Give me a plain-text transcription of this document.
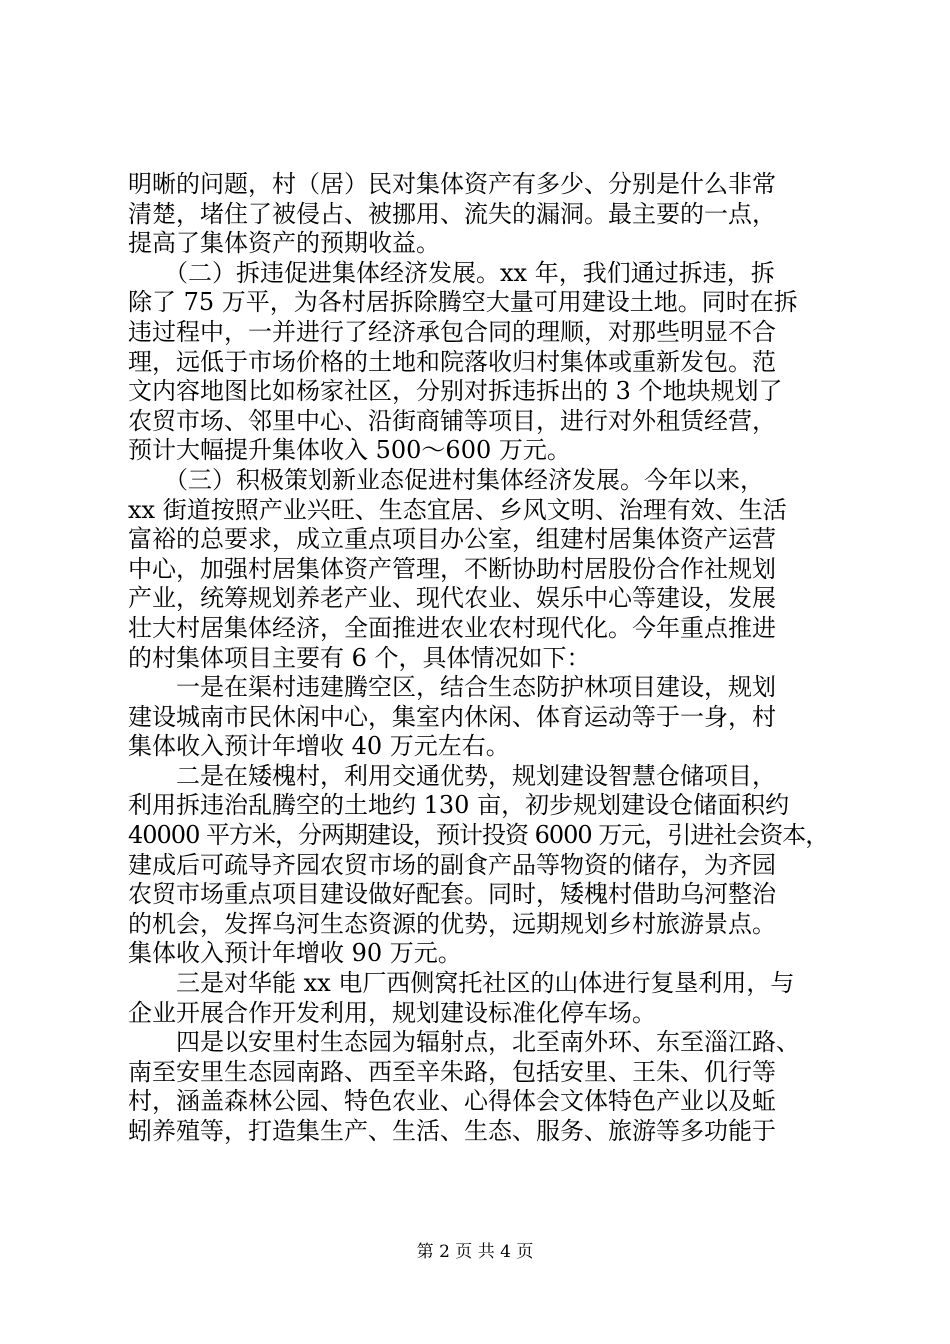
明晰的问题，村（居）民对集体资产有多少、分别是什么非常
清楚，堵住了被侵占、被挪用、流失的漏洞。最主要的一点，
提高了集体资产的预期收益。
　　（二）拆违促进集体经济发展。xx 年，我们通过拆违，拆
除了 75 万平，为各村居拆除腾空大量可用建设土地。同时在拆
违过程中，一并进行了经济承包合同的理顺，对那些明显不合
理，远低于市场价格的土地和院落收归村集体或重新发包。范
文内容地图比如杨家社区，分别对拆违拆出的 3 个地块规划了
农贸市场、邻里中心、沿街商铺等项目，进行对外租赁经营，
预计大幅提升集体收入 500～600 万元。
　　（三）积极策划新业态促进村集体经济发展。今年以来，
xx 街道按照产业兴旺、生态宜居、乡风文明、治理有效、生活
富裕的总要求，成立重点项目办公室，组建村居集体资产运营
中心，加强村居集体资产管理，不断协助村居股份合作社规划
产业，统筹规划养老产业、现代农业、娱乐中心等建设，发展
壮大村居集体经济，全面推进农业农村现代化。今年重点推进
的村集体项目主要有 6 个，具体情况如下：
　　一是在渠村违建腾空区，结合生态防护林项目建设，规划
建设城南市民休闲中心，集室内休闲、体育运动等于一身，村
集体收入预计年增收 40 万元左右。
　　二是在矮槐村，利用交通优势，规划建设智慧仓储项目，
利用拆违治乱腾空的土地约 130 亩，初步规划建设仓储面积约
40000 平方米，分两期建设，预计投资 6000 万元，引进社会资本，
建成后可疏导齐园农贸市场的副食产品等物资的储存，为齐园
农贸市场重点项目建设做好配套。同时，矮槐村借助乌河整治
的机会，发挥乌河生态资源的优势，远期规划乡村旅游景点。
集体收入预计年增收 90 万元。
　　三是对华能 xx 电厂西侧窝托社区的山体进行复垦利用，与
企业开展合作开发利用，规划建设标准化停车场。
　　四是以安里村生态园为辐射点，北至南外环、东至淄江路、
南至安里生态园南路、西至辛朱路，包括安里、王朱、仉行等
村，涵盖森林公园、特色农业、心得体会文体特色产业以及蚯
蚓养殖等，打造集生产、生活、生态、服务、旅游等多功能于
第 2 页 共 4 页
